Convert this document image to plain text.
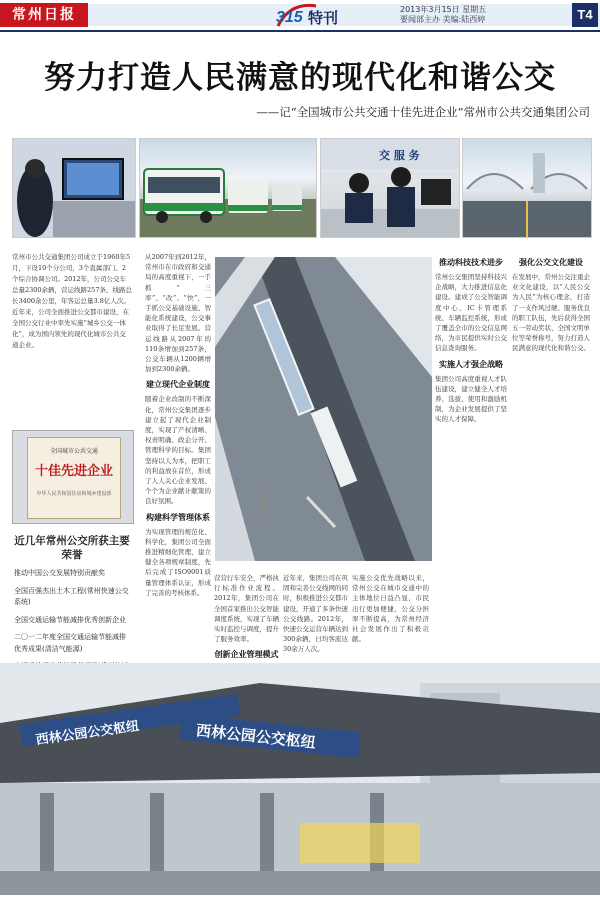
常州日报	315 特刊	2013年3月15日 星期五
要闻部主办 美编:陆西婷	T4
努力打造人民满意的现代化和谐公交
——记“全国城市公共交通十佳先进企业”常州市公共交通集团公司
交 服 务
常州市公共交通集团公司成立于1960年5月，下设10个分公司，3个直属部门、2个综合协调公司。2012年，公司公交车总量2300余辆，营运线路257条，线路总长3400余公里，年客运总量3.8亿人次。近年来，公司全面推进公交都市建设，在全国公交行业中率先实施“城乡公交一体化”，成为国内领先的现代化城市公共交通企业。
全国城市公共交通
十佳先进企业
中华人民共和国住房和城乡建设部
近几年常州公交所获主要荣誉
推动中国公交发展特别贡献奖
全国百强杰出土木工程(常州快速公交系统)
全国交通运输节能减排优秀创新企业
二〇一二年度全国交通运输节能减排优秀成果(清洁气能源)
从2007年到2012年，常州市在市政府和交通局的高度重视下，一手抓“三率”、“改”、“快”，一手抓公交基础设施、智能化系统建设，公交事业取得了长足发展。营运线路从2007年的110条增加到257条，公交车辆从1200辆增加到2300余辆。
建立现代企业制度
随着企业改制的不断深化，常州公交集团逐步建立起了现代企业制度，实现了产权清晰、权责明确、政企分开、管理科学的目标。集团坚持以人为本，把职工的利益放在首位，形成了人人关心企业发展、个个为企业献计献策的良好氛围。
构建科学管理体系
为实现管理的规范化、科学化，集团公司全面推进精细化管理，建立健全各项规章制度，先后完成了ISO9001质量管理体系认证，形成了完善的考核体系。
营营行车安全，严格执行标准作业流程。2012年，集团公司在全国首家推出公交智能调度系统，实现了车辆实时监控与调度，提升了服务效率。
创新企业管理模式
近年来，集团公司在巩固和完善公交线网的同时，积极推进公交都市建设，开通了多条快速公交线路。2012年，快速公交运营车辆达到300余辆，日均客流达30余万人次。
实施公交优先战略以来，常州公交在城市交通中的主体地位日益凸显，市民出行更加便捷，公交分担率不断提高，为常州经济社会发展作出了积极贡献。
推动科技技术进步
常州公交集团坚持科技兴企战略，大力推进信息化建设。建成了公交智能调度中心、IC卡管理系统、车辆监控系统，形成了覆盖全市的公交信息网络，为市民提供实时公交信息查询服务。
实施人才强企战略
集团公司高度重视人才队伍建设，建立健全人才培养、选拔、使用和激励机制，为企业发展提供了坚实的人才保障。
强化公交文化建设
在发展中，常州公交注重企业文化建设，以“人民公交为人民”为核心理念，打造了一支作风过硬、服务优良的职工队伍，先后获得全国五一劳动奖状、全国文明单位等荣誉称号，努力打造人民满意的现代化和谐公交。
西林公园公交枢纽	西林公园公交枢纽
